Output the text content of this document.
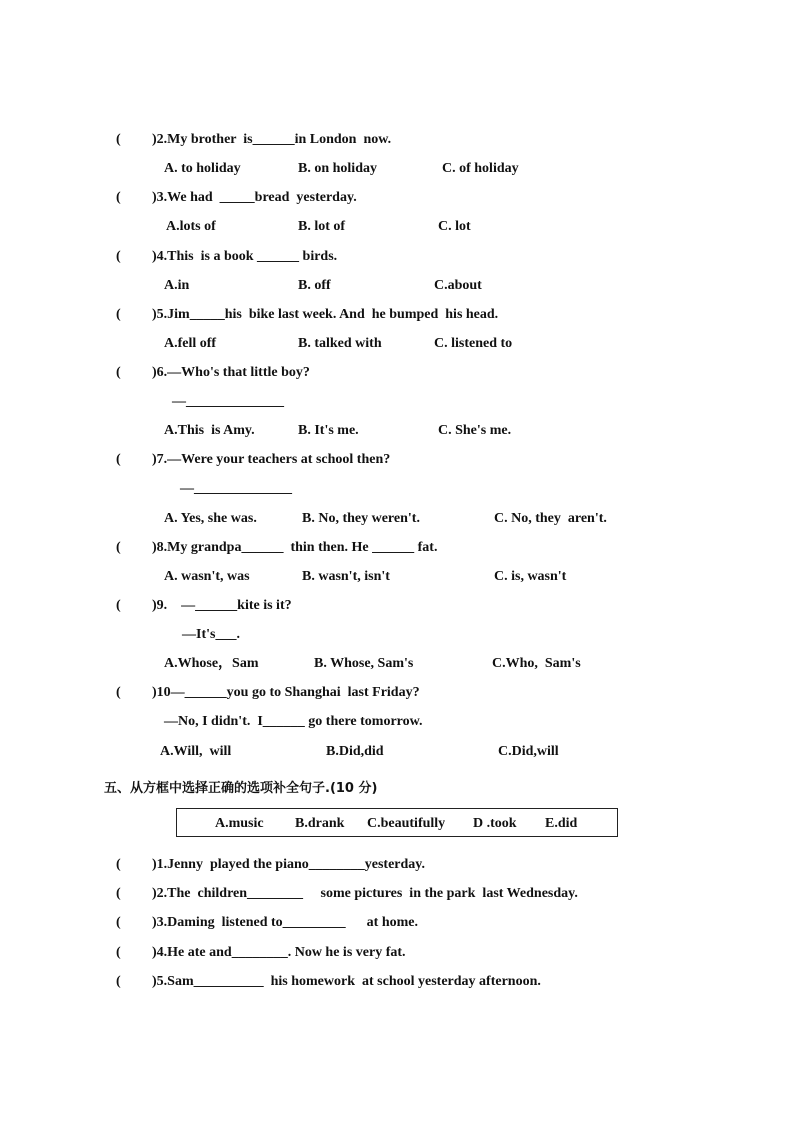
( )2.My brother  is______in London  now.
A. to holiday	B. on holiday	C. of holiday
( )3.We had  _____bread  yesterday.
A.lots of	B. lot of	C. lot
( )4.This  is a book ______ birds.
A.in	B. off	C.about
( )5.Jim_____his  bike last week. And  he bumped  his head.
A.fell off	B. talked with	C. listened to
( )6.—Who's that little boy?
—______________
A.This  is Amy.	B. It's me.	C. She's me.
( )7.—Were your teachers at school then?
—______________
A. Yes, she was.	B. No, they weren't.	C. No, they  aren't.
( )8.My grandpa______  thin then. He ______ fat.
A. wasn't, was	B. wasn't, isn't	C. is, wasn't
( )9.    —______kite is it?
—It's___.
A.Whose，Sam	B. Whose, Sam's	C.Who,  Sam's
( )10—______you go to Shanghai  last Friday?
—No, I didn't.  I______ go there tomorrow.
A.Will,  will	B.Did,did	C.Did,will
五、从方框中选择正确的选项补全句子.(10 分)
A.music B.drank C.beautifully D .took E.did
( )1.Jenny  played the piano________yesterday.
( )2.The  children________     some pictures  in the park  last Wednesday.
( )3.Daming  listened to_________      at home.
( )4.He ate and________. Now he is very fat.
( )5.Sam__________  his homework  at school yesterday afternoon.
